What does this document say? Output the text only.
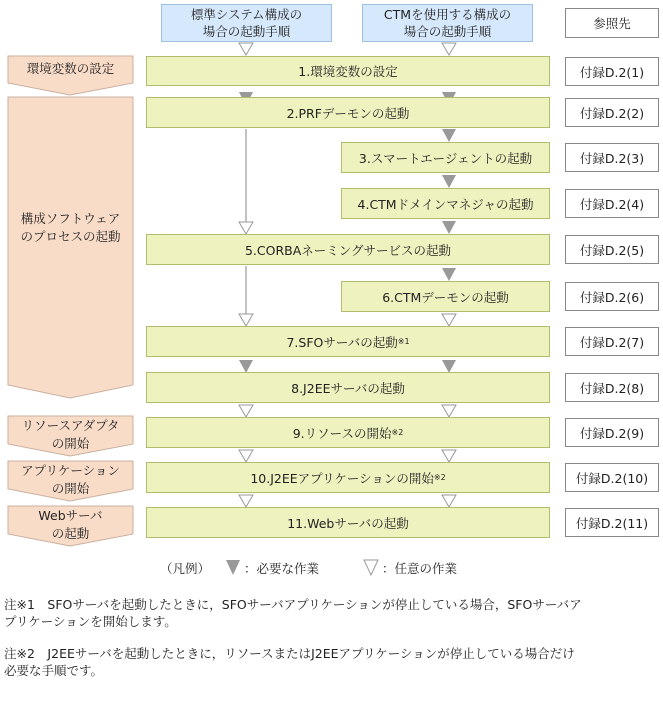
標準システム構成の
場合の起動手順
CTMを使用する構成の
場合の起動手順
参照先
環境変数の設定
構成ソフトウェア
のプロセスの起動
リソースアダプタ
の開始
アプリケーション
の開始
Webサーバ
の起動
1.環境変数の設定
2.PRFデーモンの起動
3.スマートエージェントの起動
4.CTMドメインマネジャの起動
5.CORBAネーミングサービスの起動
6.CTMデーモンの起動
7.SFOサーバの起動 ※1
8.J2EEサーバの起動
9.リソースの開始 ※2
10.J2EEアプリケーションの開始 ※2
11.Webサーバの起動
付録D.2(1)
付録D.2(2)
付録D.2(3)
付録D.2(4)
付録D.2(5)
付録D.2(6)
付録D.2(7)
付録D.2(8)
付録D.2(9)
付録D.2(10)
付録D.2(11)
（凡例）	：必要な作業	：任意の作業
注※1　SFOサーバを起動したときに，SFOサーバアプリケーションが停止している場合，SFOサーバア
プリケーションを開始します。
注※2　J2EEサーバを起動したときに，リソースまたはJ2EEアプリケーションが停止している場合だけ
必要な手順です。
